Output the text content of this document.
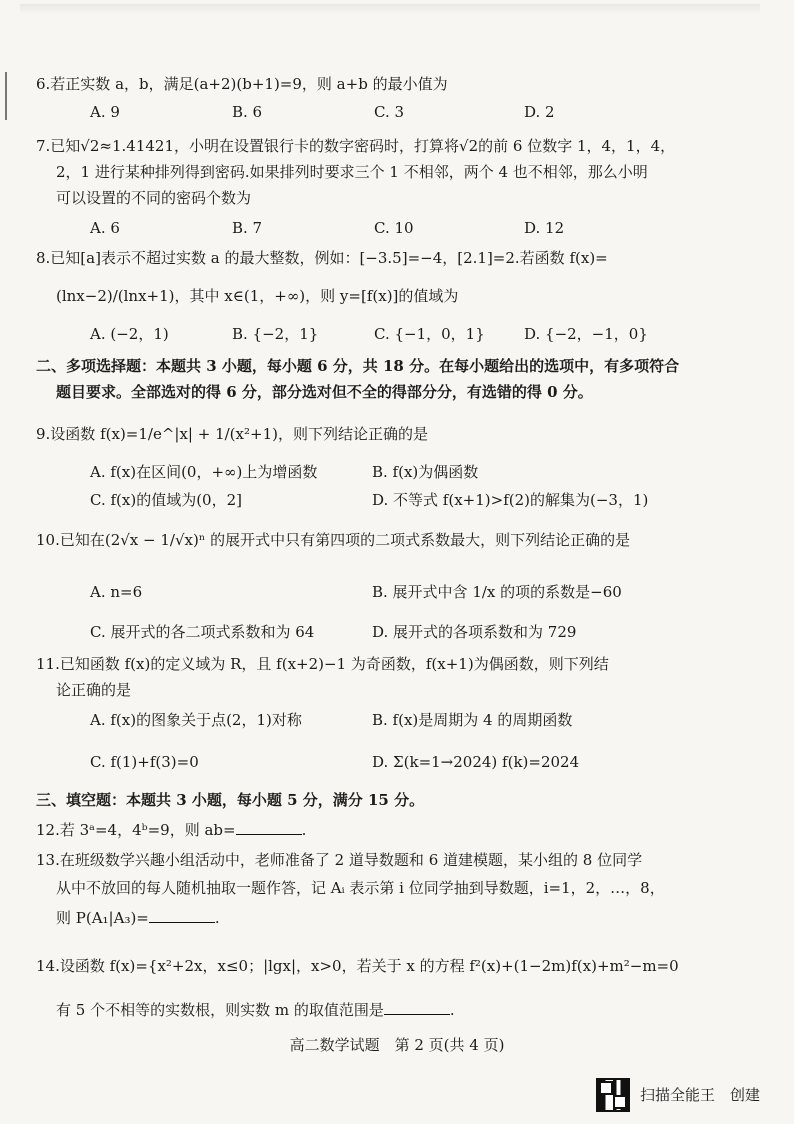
6.若正实数 a，b，满足(a+2)(b+1)=9，则 a+b 的最小值为
A. 9	B. 6	C. 3	D. 2
7.已知√2≈1.41421，小明在设置银行卡的数字密码时，打算将√2的前 6 位数字 1，4，1，4，
2，1 进行某种排列得到密码.如果排列时要求三个 1 不相邻，两个 4 也不相邻，那么小明
可以设置的不同的密码个数为
A. 6	B. 7	C. 10	D. 12
8.已知[a]表示不超过实数 a 的最大整数，例如：[−3.5]=−4，[2.1]=2.若函数 f(x)=
(lnx−2)/(lnx+1)，其中 x∈(1，+∞)，则 y=[f(x)]的值域为
A. (−2，1)	B. {−2，1}	C. {−1，0，1}	D. {−2，−1，0}
二、多项选择题：本题共 3 小题，每小题 6 分，共 18 分。在每小题给出的选项中，有多项符合
题目要求。全部选对的得 6 分，部分选对但不全的得部分分，有选错的得 0 分。
9.设函数 f(x)=1/e^|x| + 1/(x²+1)，则下列结论正确的是
A. f(x)在区间(0，+∞)上为增函数	B. f(x)为偶函数
C. f(x)的值域为(0，2]	D. 不等式 f(x+1)>f(2)的解集为(−3，1)
10.已知在(2√x − 1/√x)ⁿ 的展开式中只有第四项的二项式系数最大，则下列结论正确的是
A. n=6	B. 展开式中含 1/x 的项的系数是−60
C. 展开式的各二项式系数和为 64	D. 展开式的各项系数和为 729
11.已知函数 f(x)的定义域为 R，且 f(x+2)−1 为奇函数，f(x+1)为偶函数，则下列结
论正确的是
A. f(x)的图象关于点(2，1)对称	B. f(x)是周期为 4 的周期函数
C. f(1)+f(3)=0	D. Σ(k=1→2024) f(k)=2024
三、填空题：本题共 3 小题，每小题 5 分，满分 15 分。
12.若 3ᵃ=4，4ᵇ=9，则 ab=	.
13.在班级数学兴趣小组活动中，老师准备了 2 道导数题和 6 道建模题，某小组的 8 位同学
从中不放回的每人随机抽取一题作答，记 Aᵢ 表示第 i 位同学抽到导数题，i=1，2，…，8，
则 P(A₁|A₃)=	.
14.设函数 f(x)={x²+2x，x≤0；|lgx|，x>0，若关于 x 的方程 f²(x)+(1−2m)f(x)+m²−m=0
有 5 个不相等的实数根，则实数 m 的取值范围是	.
高二数学试题　第 2 页(共 4 页)
扫描全能王　创建
